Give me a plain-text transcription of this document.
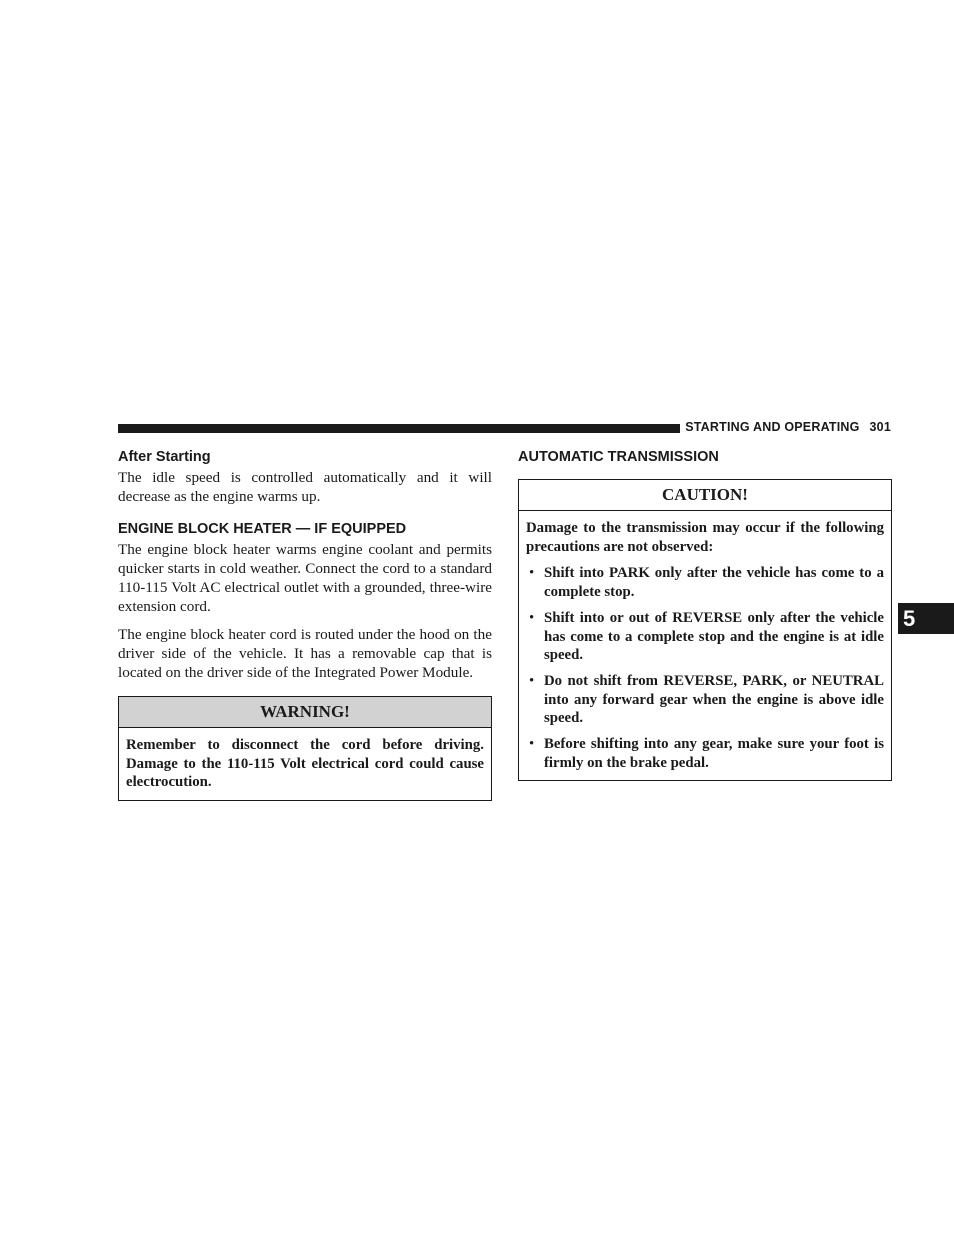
STARTING AND OPERATING 301
5
After Starting

The idle speed is controlled automatically and it will decrease as the engine warms up.

ENGINE BLOCK HEATER — IF EQUIPPED

The engine block heater warms engine coolant and permits quicker starts in cold weather. Connect the cord to a standard 110-115 Volt AC electrical outlet with a grounded, three-wire extension cord.

The engine block heater cord is routed under the hood on the driver side of the vehicle. It has a removable cap that is located on the driver side of the Integrated Power Module.

WARNING!

Remember to disconnect the cord before driving. Damage to the 110-115 Volt electrical cord could cause electrocution.

AUTOMATIC TRANSMISSION
CAUTION!

Damage to the transmission may occur if the following precautions are not observed:

• Shift into PARK only after the vehicle has come to a complete stop.
• Shift into or out of REVERSE only after the vehicle has come to a complete stop and the engine is at idle speed.
• Do not shift from REVERSE, PARK, or NEUTRAL into any forward gear when the engine is above idle speed.
• Before shifting into any gear, make sure your foot is firmly on the brake pedal.
